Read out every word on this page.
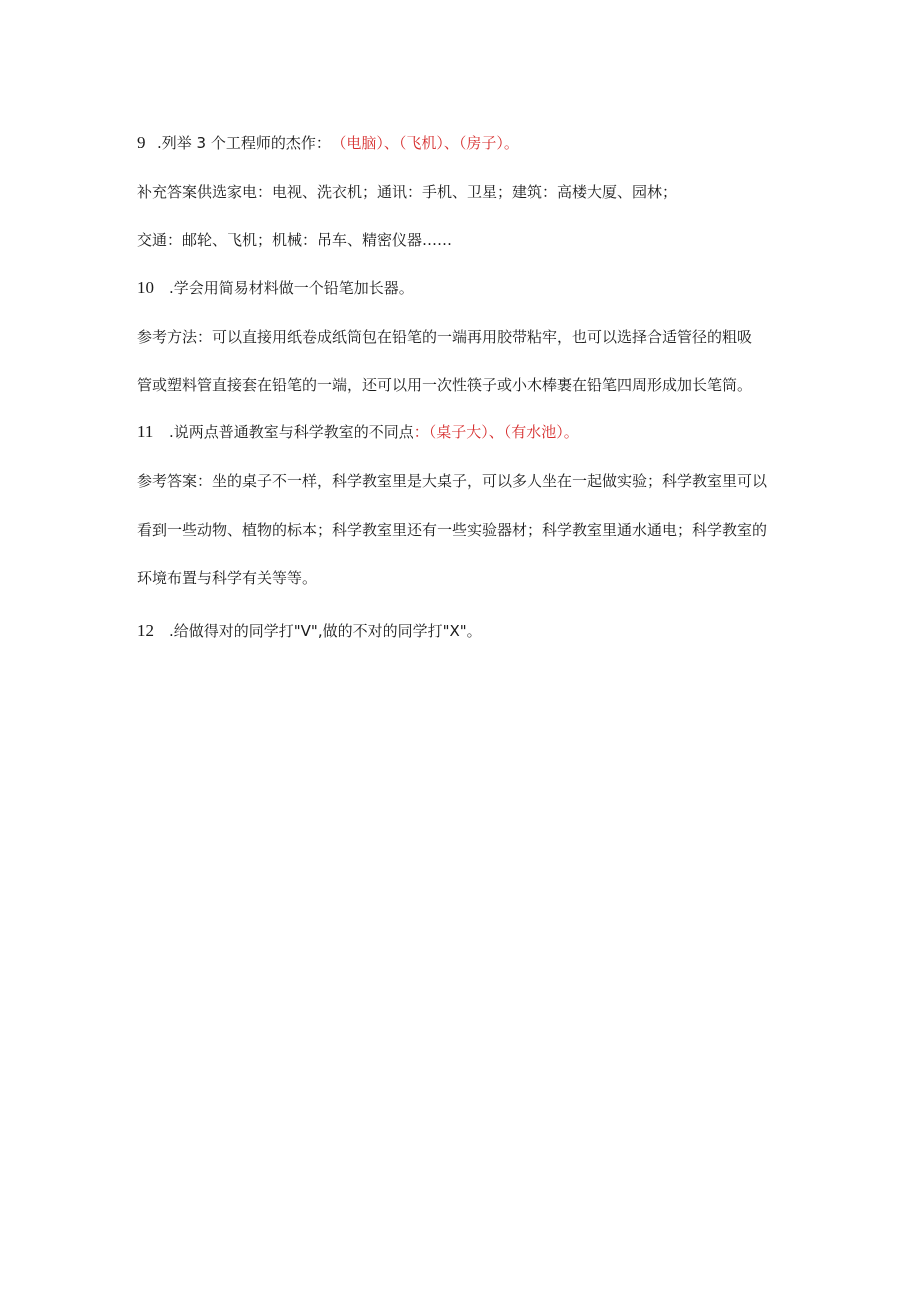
9 .列举 3 个工程师的杰作： （电脑）、（飞机）、（房子）。
补充答案供选家电：电视、洗衣机；通讯：手机、卫星；建筑：高楼大厦、园林；
交通：邮轮、飞机；机械：吊车、精密仪器……
10 .学会用简易材料做一个铅笔加长器。
参考方法：可以直接用纸卷成纸筒包在铅笔的一端再用胶带粘牢，也可以选择合适管径的粗吸
管或塑料管直接套在铅笔的一端，还可以用一次性筷子或小木棒裹在铅笔四周形成加长笔筒。
11 .说两点普通教室与科学教室的不同点：（桌子大）、（有水池）。
参考答案：坐的桌子不一样，科学教室里是大桌子，可以多人坐在一起做实验；科学教室里可以
看到一些动物、植物的标本；科学教室里还有一些实验器材；科学教室里通水通电；科学教室的
环境布置与科学有关等等。
12 .给做得对的同学打"V",做的不对的同学打"X"。
